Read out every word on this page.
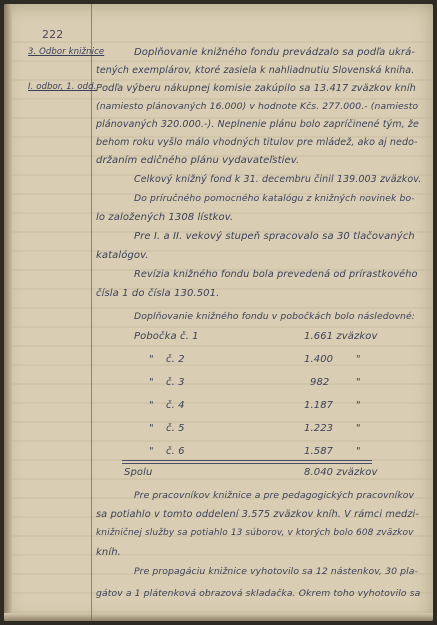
222
3. Odbor knižnice
I. odbor, 1. odd.
Doplňovanie knižného fondu prevádzalo sa podľa ukrá-
tených exemplárov, ktoré zasiela k nahliadnutiu Slovenská kniha.
Podľa výberu nákupnej komisie zakúpilo sa 13.417 zväzkov kníh
(namiesto plánovaných 16.000) v hodnote Kčs. 277.000.- (namiesto
plánovaných 320.000.-). Neplnenie plánu bolo zapríčinené tým, že
behom roku vyšlo málo vhodných titulov pre mládež, ako aj nedo-
držaním edičného plánu vydavateľstiev.
Celkový knižný fond k 31. decembru činil 139.003 zväzkov.
Do príručného pomocného katalógu z knižných novinek bo-
lo založených 1308 lístkov.
Pre I. a II. vekový stupeň spracovalo sa 30 tlačovaných
katalógov.
Revízia knižného fondu bola prevedená od prírastkového
čísla 1 do čísla 130.501.
Doplňovanie knižného fondu v pobočkách bolo následovné:
Pobočka č. 1	1.661 zväzkov
" č. 2	1.400 "
" č. 3	982	"
" č. 4	1.187 "
" č. 5	1.223 "
" č. 6	1.587 "
Spolu	8.040 zväzkov
Pre pracovníkov knižnice a pre pedagogických pracovníkov
sa potiahlo v tomto oddelení 3.575 zväzkov kníh. V rámci medzi-
knižničnej služby sa potiahlo 13 súborov, v ktorých bolo 608 zväzkov
kníh.
Pre propagáciu knižnice vyhotovilo sa 12 nástenkov, 30 pla-
gátov a 1 plátenková obrazová skladačka. Okrem toho vyhotovilo sa
